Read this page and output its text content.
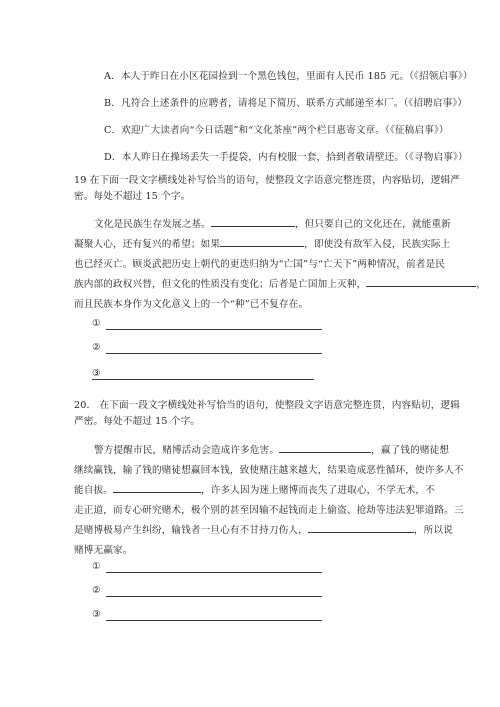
A．本人于昨日在小区花园捡到一个黑色钱包，里面有人民币 185 元。（《招领启事》）
B．凡符合上述条件的应聘者，请将足下简历、联系方式邮递至本厂。（《招聘启事》）
C．欢迎广大读者向“今日话题”和“文化茶座”两个栏目惠寄文章。（《征稿启事》）
D．本人昨日在操场丢失一手提袋，内有校服一套，拾到者敬请壁还。（《寻物启事》）
19 在下面一段文字横线处补写恰当的语句，使整段文字语意完整连贯，内容贴切，逻辑严
密。每处不超过 15 个字。
文化是民族生存发展之基。	，但只要自己的文化还在，就能重新
凝聚人心，还有复兴的希望；如果	，即使没有敌军入侵，民族实际上
也已经灭亡。顾炎武把历史上朝代的更迭归纳为“亡国”与“亡天下”两种情况，前者是民
族内部的政权兴替，但文化的性质没有变化；后者是亡国加上灭种，	，
而且民族本身作为文化意义上的一个“种”已不复存在。
①
②
③
20． 在下面一段文字横线处补写恰当的语句，使整段文字语意完整连贯，内容贴切，逻辑
严密。每处不超过 15 个字。
警方提醒市民，赌博活动会造成许多危害。	，赢了钱的赌徒想
继续赢钱，输了钱的赌徒想赢回本钱，致使赌注越来越大，结果造成恶性循环，使许多人不
能自拔。	，许多人因为迷上赌博而丧失了进取心，不学无术，不
走正道，而专心研究赌术，极个别的甚至因输不起钱而走上偷盗、抢劫等违法犯罪道路。三
是赌博极易产生纠纷，输钱者一旦心有不甘持刀伤人，	，所以说
赌博无赢家。
①
②
③
